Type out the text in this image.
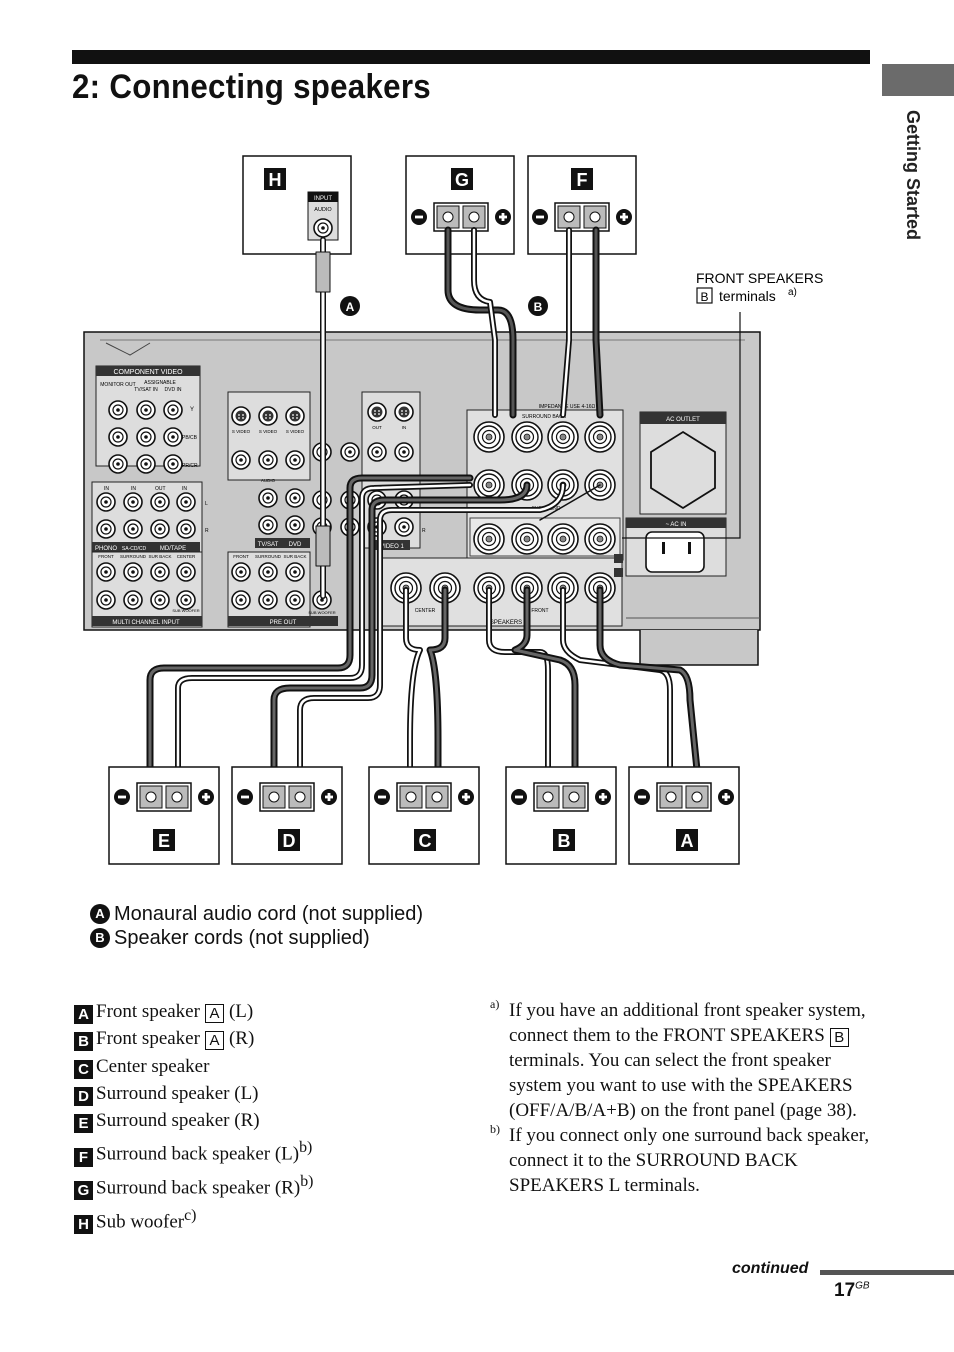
2: Connecting speakers
Getting Started
COMPONENT VIDEO
MONITOR OUT ASSIGNABLE
TV/SAT IN DVD IN
Y
PB/CB
PR/CR
IN	IN	OUT	IN
L
R
PHONO SA-CD/CD MD/TAPE
FRONT SURROUND SUR BACK CENTER
SUB WOOFER
MULTI CHANNEL INPUT
S VIDEO S VIDEO S VIDEO
AUDIO
TV/SAT DVD
FRONT SURROUND SUR BACK
SUB WOOFER
PRE OUT
OUT	IN
VIDEO 1
R
IMPEDANCE USE 4-16Ω
SURROUND BACK
SURROUND
CENTER	FRONT
SPEAKERS
AC OUTLET
~ AC IN
H
INPUT
AUDIO
G	F
FRONT SPEAKERS
B terminals a)
A	B
E	D	C	B	A
A Monaural audio cord (not supplied)
B Speaker cords (not supplied)
A Front speaker A (L)
B Front speaker A (R)
C Center speaker
D Surround speaker (L)
E Surround speaker (R)
F Surround back speaker $(L)^{b)}$
G Surround back speaker $(R)^{b)}$
H Sub woofer$^{c)}$
a) If you have an additional front speaker system, connect them to the FRONT SPEAKERS Bterminals. You can select the front speaker system you want to use with the SPEAKERS (OFF/A/B/A+B) on the front panel (page 38).
b) If you connect only one surround back speaker, connect it to the SURROUND BACK SPEAKERS L terminals.
continued
$17^{GB}$
